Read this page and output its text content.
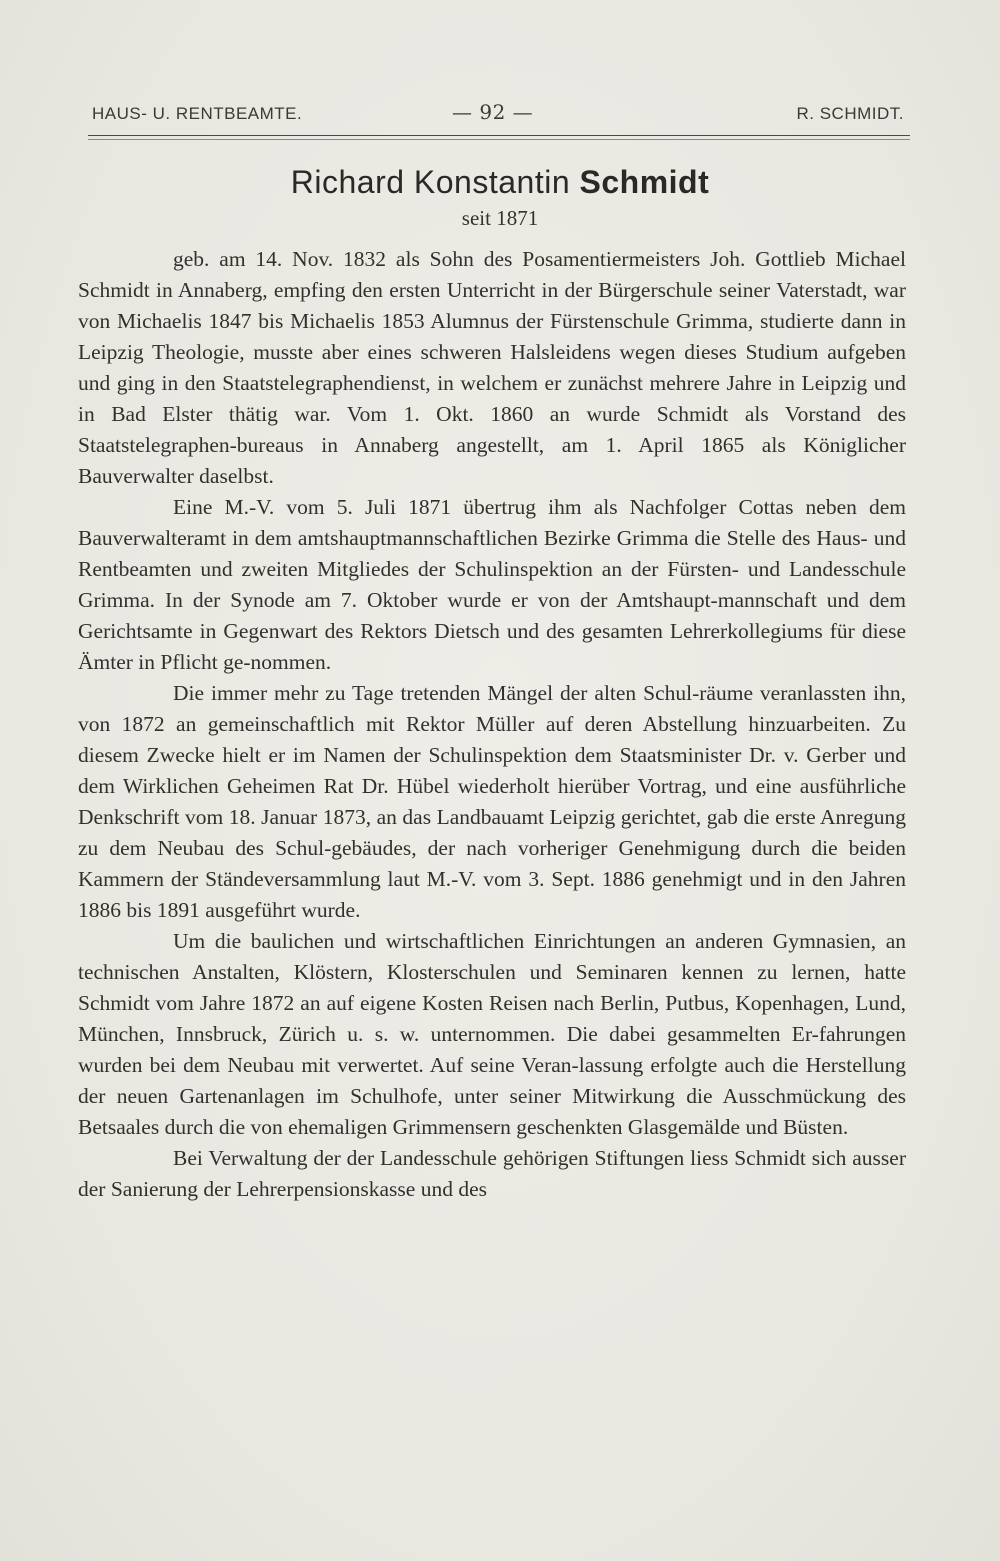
HAUS- U. RENTBEAMTE.	— 92 —	R. SCHMIDT.
Richard Konstantin Schmidt
seit 1871

geb. am 14. Nov. 1832 als Sohn des Posamentiermeisters Joh. Gottlieb Michael Schmidt in Annaberg, empfing den ersten Unterricht in der Bürgerschule seiner Vaterstadt, war von Michaelis 1847 bis Michaelis 1853 Alumnus der Fürstenschule Grimma, studierte dann in Leipzig Theologie, musste aber eines schweren Halsleidens wegen dieses Studium aufgeben und ging in den Staatstelegraphendienst, in welchem er zunächst mehrere Jahre in Leipzig und in Bad Elster thätig war. Vom 1. Okt. 1860 an wurde Schmidt als Vorstand des Staatstelegraphen-bureaus in Annaberg angestellt, am 1. April 1865 als Königlicher Bauverwalter daselbst.

Eine M.-V. vom 5. Juli 1871 übertrug ihm als Nachfolger Cottas neben dem Bauverwalteramt in dem amtshauptmannschaftlichen Bezirke Grimma die Stelle des Haus- und Rentbeamten und zweiten Mitgliedes der Schulinspektion an der Fürsten- und Landesschule Grimma. In der Synode am 7. Oktober wurde er von der Amtshaupt-mannschaft und dem Gerichtsamte in Gegenwart des Rektors Dietsch und des gesamten Lehrerkollegiums für diese Ämter in Pflicht ge-nommen.

Die immer mehr zu Tage tretenden Mängel der alten Schul-räume veranlassten ihn, von 1872 an gemeinschaftlich mit Rektor Müller auf deren Abstellung hinzuarbeiten. Zu diesem Zwecke hielt er im Namen der Schulinspektion dem Staatsminister Dr. v. Gerber und dem Wirklichen Geheimen Rat Dr. Hübel wiederholt hierüber Vortrag, und eine ausführliche Denkschrift vom 18. Januar 1873, an das Landbauamt Leipzig gerichtet, gab die erste Anregung zu dem Neubau des Schul-gebäudes, der nach vorheriger Genehmigung durch die beiden Kammern der Ständeversammlung laut M.-V. vom 3. Sept. 1886 genehmigt und in den Jahren 1886 bis 1891 ausgeführt wurde.

Um die baulichen und wirtschaftlichen Einrichtungen an anderen Gymnasien, an technischen Anstalten, Klöstern, Klosterschulen und Seminaren kennen zu lernen, hatte Schmidt vom Jahre 1872 an auf eigene Kosten Reisen nach Berlin, Putbus, Kopenhagen, Lund, München, Innsbruck, Zürich u. s. w. unternommen. Die dabei gesammelten Er-fahrungen wurden bei dem Neubau mit verwertet. Auf seine Veran-lassung erfolgte auch die Herstellung der neuen Gartenanlagen im Schulhofe, unter seiner Mitwirkung die Ausschmückung des Betsaales durch die von ehemaligen Grimmensern geschenkten Glasgemälde und Büsten.

Bei Verwaltung der der Landesschule gehörigen Stiftungen liess Schmidt sich ausser der Sanierung der Lehrerpensionskasse und des
